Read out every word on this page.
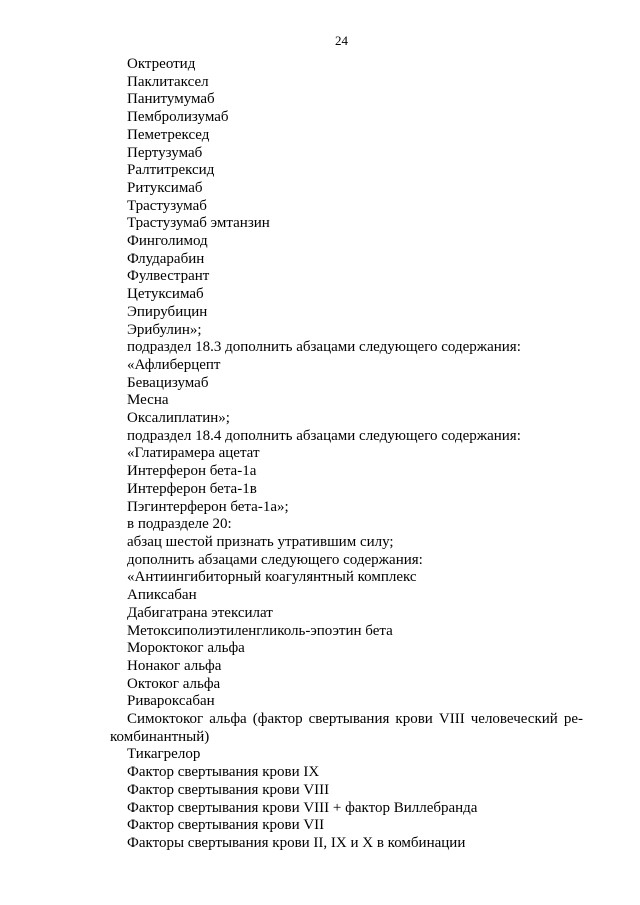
24
Октреотид
Паклитаксел
Панитумумаб
Пембролизумаб
Пеметрексед
Пертузумаб
Ралтитрексид
Ритуксимаб
Трастузумаб
Трастузумаб эмтанзин
Финголимод
Флударабин
Фулвестрант
Цетуксимаб
Эпирубицин
Эрибулин»;
подраздел 18.3 дополнить абзацами следующего содержания:
«Афлиберцепт
Бевацизумаб
Месна
Оксалиплатин»;
подраздел 18.4 дополнить абзацами следующего содержания:
«Глатирамера ацетат
Интерферон бета-1а
Интерферон бета-1в
Пэгинтерферон бета-1а»;
в подразделе 20:
абзац шестой признать утратившим силу;
дополнить абзацами следующего содержания:
«Антиингибиторный коагулянтный комплекс
Апиксабан
Дабигатрана этексилат
Метоксиполиэтиленгликоль-эпоэтин бета
Мороктоког альфа
Нонаког альфа
Октоког альфа
Ривароксабан
Симоктоког альфа (фактор свертывания крови VIII человеческий ре-комбинантный)
Тикагрелор
Фактор свертывания крови IX
Фактор свертывания крови VIII
Фактор свертывания крови VIII + фактор Виллебранда
Фактор свертывания крови VII
Факторы свертывания крови II, IX и X в комбинации
